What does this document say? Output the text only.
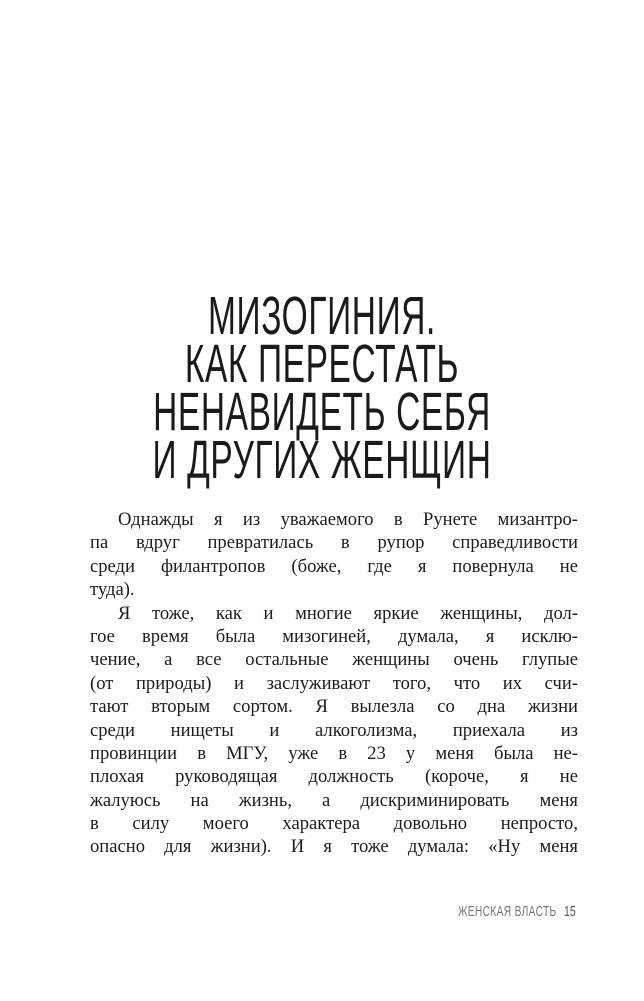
МИЗОГИНИЯ.
КАК ПЕРЕСТАТЬ
НЕНАВИДЕТЬ СЕБЯ
И ДРУГИХ ЖЕНЩИН
Однажды я из уважаемого в Рунете мизантро-
па вдруг превратилась в рупор справедливости
среди филантропов (боже, где я повернула не
туда).
Я тоже, как и многие яркие женщины, дол-
гое время была мизогиней, думала, я исклю-
чение, а все остальные женщины очень глупые
(от природы) и заслуживают того, что их счи-
тают вторым сортом. Я вылезла со дна жизни
среди нищеты и алкоголизма, приехала из
провинции в МГУ, уже в 23 у меня была не-
плохая руководящая должность (короче, я не
жалуюсь на жизнь, а дискриминировать меня
в силу моего характера довольно непросто,
опасно для жизни). И я тоже думала: «Ну меня
ЖЕНСКАЯ ВЛАСТЬ 15
